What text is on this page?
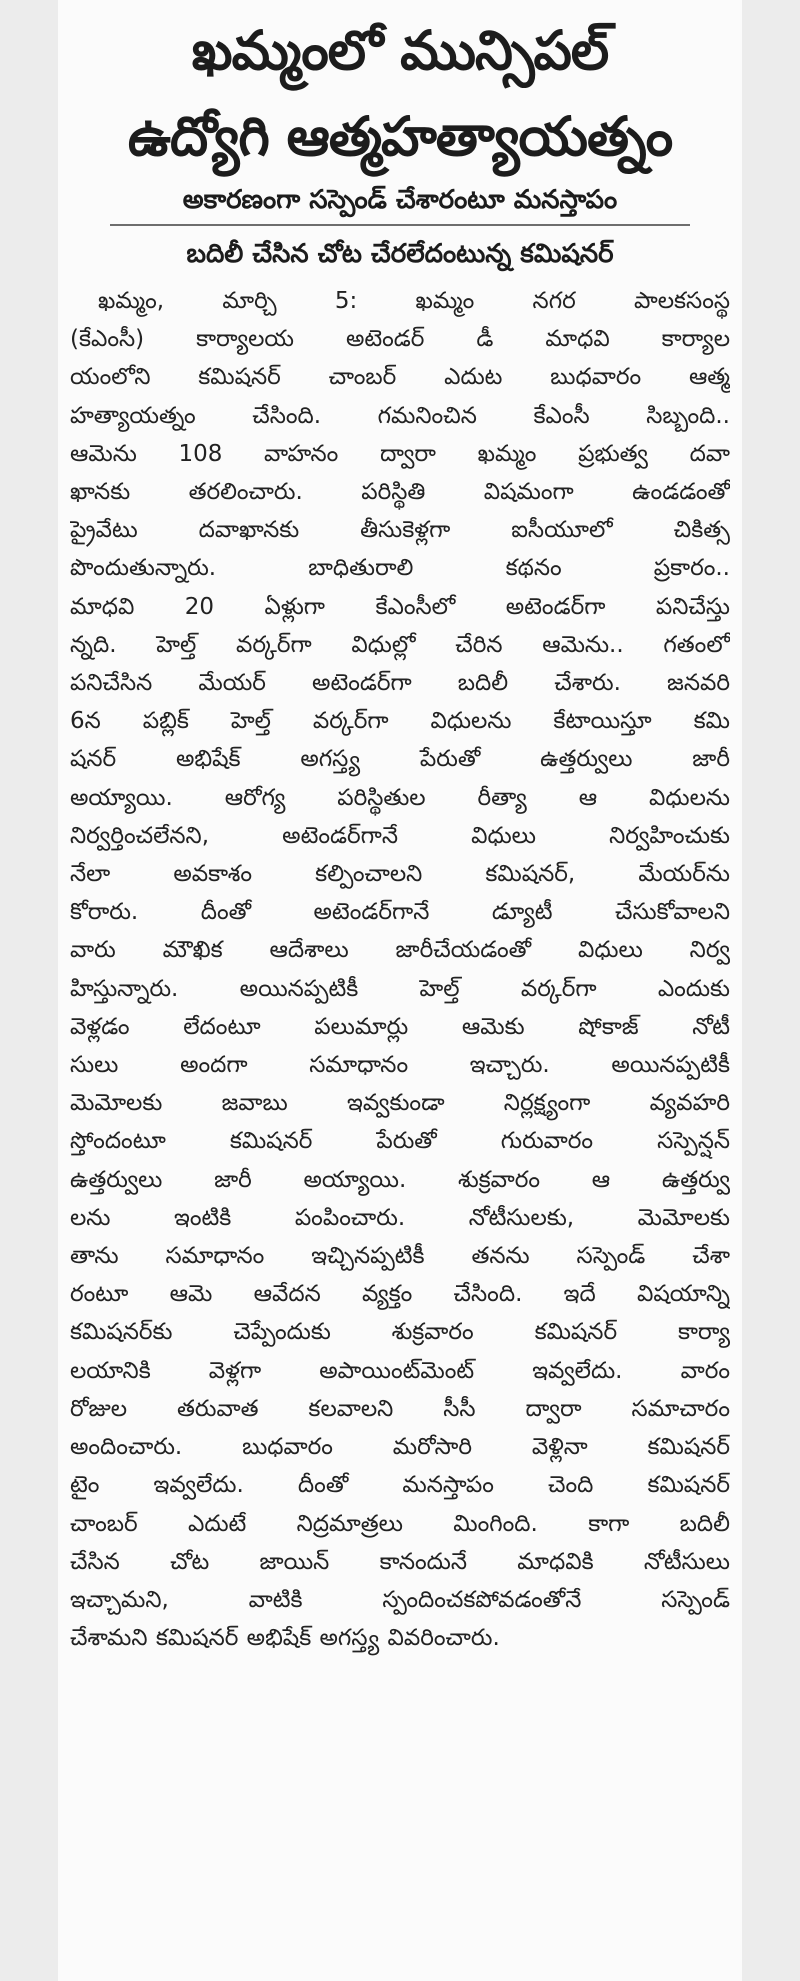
ఖమ్మంలో మున్సిపల్
ఉద్యోగి ఆత్మహత్యాయత్నం
అకారణంగా సస్పెండ్ చేశారంటూ మనస్తాపం
బదిలీ చేసిన చోట చేరలేదంటున్న కమిషనర్
ఖమ్మం, మార్చి 5: ఖమ్మం నగర పాలకసంస్థ
(కేఎంసీ) కార్యాలయ అటెండర్ డీ మాధవి కార్యాల
యంలోని కమిషనర్ చాంబర్ ఎదుట బుధవారం ఆత్మ
హత్యాయత్నం చేసింది. గమనించిన కేఎంసీ సిబ్బంది..
ఆమెను 108 వాహనం ద్వారా ఖమ్మం ప్రభుత్వ దవా
ఖానకు తరలించారు. పరిస్థితి విషమంగా ఉండడంతో
ప్రైవేటు దవాఖానకు తీసుకెళ్లగా ఐసీయూలో చికిత్స
పొందుతున్నారు. బాధితురాలి కథనం ప్రకారం..
మాధవి 20 ఏళ్లుగా కేఎంసీలో అటెండర్‌గా పనిచేస్తు
న్నది. హెల్త్ వర్కర్‌గా విధుల్లో చేరిన ఆమెను.. గతంలో
పనిచేసిన మేయర్ అటెండర్‌గా బదిలీ చేశారు. జనవరి
6న పబ్లిక్ హెల్త్ వర్కర్‌గా విధులను కేటాయిస్తూ కమి
షనర్ అభిషేక్ అగస్త్య పేరుతో ఉత్తర్వులు జారీ
అయ్యాయి. ఆరోగ్య పరిస్థితుల రీత్యా ఆ విధులను
నిర్వర్తించలేనని, అటెండర్‌గానే విధులు నిర్వహించుకు
నేలా అవకాశం కల్పించాలని కమిషనర్, మేయర్‌ను
కోరారు. దీంతో అటెండర్‌గానే డ్యూటీ చేసుకోవాలని
వారు మౌఖిక ఆదేశాలు జారీచేయడంతో విధులు నిర్వ
హిస్తున్నారు. అయినప్పటికీ హెల్త్ వర్కర్‌గా ఎందుకు
వెళ్లడం లేదంటూ పలుమార్లు ఆమెకు షోకాజ్ నోటీ
సులు అందగా సమాధానం ఇచ్చారు. అయినప్పటికీ
మెమోలకు జవాబు ఇవ్వకుండా నిర్లక్ష్యంగా వ్యవహరి
స్తోందంటూ కమిషనర్ పేరుతో గురువారం సస్పెన్షన్
ఉత్తర్వులు జారీ అయ్యాయి. శుక్రవారం ఆ ఉత్తర్వు
లను ఇంటికి పంపించారు. నోటీసులకు, మెమోలకు
తాను సమాధానం ఇచ్చినప్పటికీ తనను సస్పెండ్ చేశా
రంటూ ఆమె ఆవేదన వ్యక్తం చేసింది. ఇదే విషయాన్ని
కమిషనర్‌కు చెప్పేందుకు శుక్రవారం కమిషనర్ కార్యా
లయానికి వెళ్లగా అపాయింట్‌మెంట్ ఇవ్వలేదు. వారం
రోజుల తరువాత కలవాలని సీసీ ద్వారా సమాచారం
అందించారు. బుధవారం మరోసారి వెళ్లినా కమిషనర్
టైం ఇవ్వలేదు. దీంతో మనస్తాపం చెంది కమిషనర్
చాంబర్ ఎదుటే నిద్రమాత్రలు మింగింది. కాగా బదిలీ
చేసిన చోట జాయిన్ కానందునే మాధవికి నోటీసులు
ఇచ్చామని, వాటికి స్పందించకపోవడంతోనే సస్పెండ్
చేశామని కమిషనర్ అభిషేక్ అగస్త్య వివరించారు.
